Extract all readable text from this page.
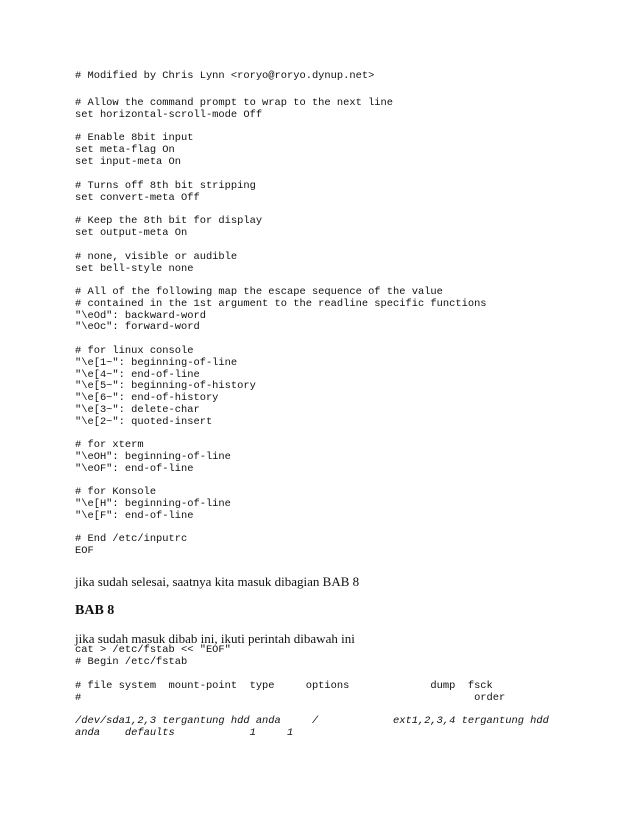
# Modified by Chris Lynn <roryo@roryo.dynup.net>

# Allow the command prompt to wrap to the next line

set horizontal-scroll-mode Off

# Enable 8bit input

set meta-flag On

set input-meta On

# Turns off 8th bit stripping

set convert-meta Off

# Keep the 8th bit for display

set output-meta On

# none, visible or audible

set bell-style none

# All of the following map the escape sequence of the value

# contained in the 1st argument to the readline specific functions

"\eOd": backward-word

"\eOc": forward-word

# for linux console

"\e[1~": beginning-of-line

"\e[4~": end-of-line

"\e[5~": beginning-of-history

"\e[6~": end-of-history

"\e[3~": delete-char

"\e[2~": quoted-insert

# for xterm

"\eOH": beginning-of-line

"\eOF": end-of-line

# for Konsole

"\e[H": beginning-of-line

"\e[F": end-of-line

# End /etc/inputrc

EOF

jika sudah selesai, saatnya kita masuk dibagian BAB 8

BAB 8

jika sudah masuk dibab ini, ikuti perintah dibawah ini

cat > /etc/fstab << "EOF"

# Begin /etc/fstab

# file system  mount-point  type     options             dump  fsck

#                                                               order

/dev/sda1,2,3 tergantung hdd anda     /            ext1,2,3,4 tergantung hdd

anda    defaults            1     1
